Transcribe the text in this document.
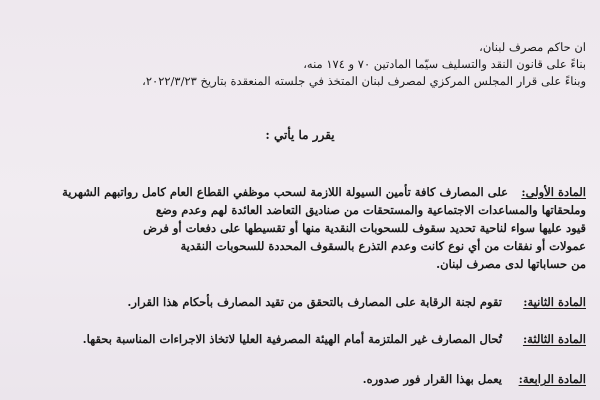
ان حاكم مصرف لبنان،
بناءً على قانون النقد والتسليف سيّما المادتين ٧٠ و ١٧٤ منه،
وبناءً على قرار المجلس المركزي لمصرف لبنان المتخذ في جلسته المنعقدة بتاريخ ٢٠٢٢/٣/٢٣،
يقرر ما يأتي :
المادة الأولى:
على المصارف كافة تأمين السيولة اللازمة لسحب موظفي القطاع العام كامل رواتبهم الشهرية
وملحقاتها والمساعدات الاجتماعية والمستحقات من صناديق التعاضد العائدة لهم وعدم وضع
قيود عليها سواء لناحية تحديد سقوف للسحوبات النقدية منها أو تقسيطها على دفعات أو فرض
عمولات أو نفقات من أي نوع كانت وعدم التذرع بالسقوف المحددة للسحوبات النقدية
من حساباتها لدى مصرف لبنان.
المادة الثانية:
تقوم لجنة الرقابة على المصارف بالتحقق من تقيد المصارف بأحكام هذا القرار.
المادة الثالثة:
تُحال المصارف غير الملتزمة أمام الهيئة المصرفية العليا لاتخاذ الاجراءات المناسبة بحقها.
المادة الرابعة:
يعمل بهذا القرار فور صدوره.
